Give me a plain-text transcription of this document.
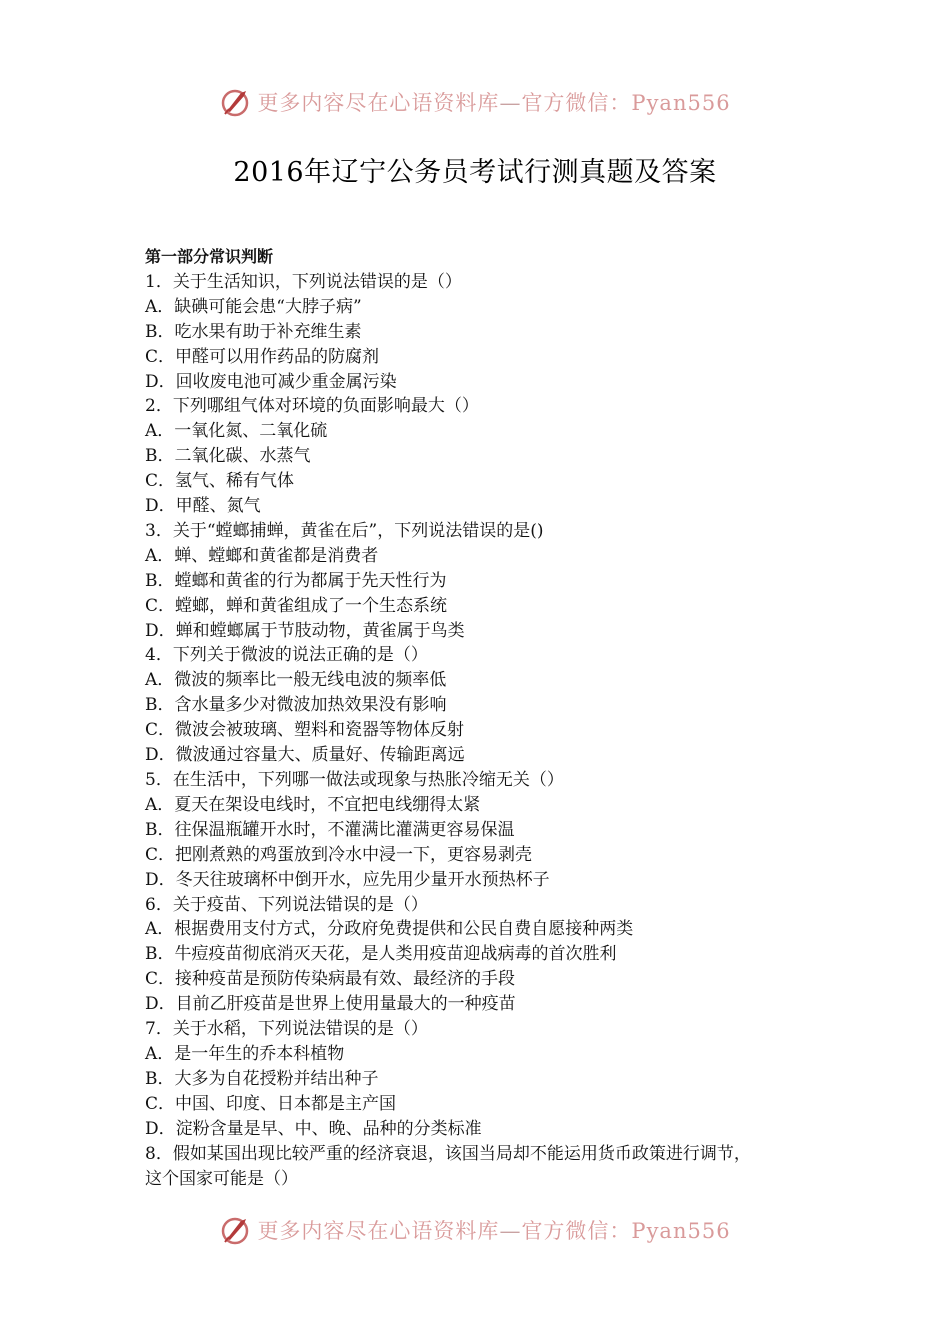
更多内容尽在心语资料库—官方微信：Pyan556
2016年辽宁公务员考试行测真题及答案
第一部分常识判断
1．关于生活知识，下列说法错误的是（）
A．缺碘可能会患“大脖子病”
B．吃水果有助于补充维生素
C．甲醛可以用作药品的防腐剂
D．回收废电池可减少重金属污染
2．下列哪组气体对环境的负面影响最大（）
A．一氧化氮、二氧化硫
B．二氧化碳、水蒸气
C．氢气、稀有气体
D．甲醛、氮气
3．关于“螳螂捕蝉，黄雀在后”，下列说法错误的是()
A．蝉、螳螂和黄雀都是消费者
B．螳螂和黄雀的行为都属于先天性行为
C．螳螂，蝉和黄雀组成了一个生态系统
D．蝉和螳螂属于节肢动物，黄雀属于鸟类
4．下列关于微波的说法正确的是（）
A．微波的频率比一般无线电波的频率低
B．含水量多少对微波加热效果没有影响
C．微波会被玻璃、塑料和瓷器等物体反射
D．微波通过容量大、质量好、传输距离远
5．在生活中，下列哪一做法或现象与热胀冷缩无关（）
A．夏天在架设电线时，不宜把电线绷得太紧
B．往保温瓶罐开水时，不灌满比灌满更容易保温
C．把刚煮熟的鸡蛋放到冷水中浸一下，更容易剥壳
D．冬天往玻璃杯中倒开水，应先用少量开水预热杯子
6．关于疫苗、下列说法错误的是（）
A．根据费用支付方式，分政府免费提供和公民自费自愿接种两类
B．牛痘疫苗彻底消灭天花，是人类用疫苗迎战病毒的首次胜利
C．接种疫苗是预防传染病最有效、最经济的手段
D．目前乙肝疫苗是世界上使用量最大的一种疫苗
7．关于水稻，下列说法错误的是（）
A．是一年生的乔本科植物
B．大多为自花授粉并结出种子
C．中国、印度、日本都是主产国
D．淀粉含量是早、中、晚、品种的分类标准
8．假如某国出现比较严重的经济衰退，该国当局却不能运用货币政策进行调节，
这个国家可能是（）
更多内容尽在心语资料库—官方微信：Pyan556
